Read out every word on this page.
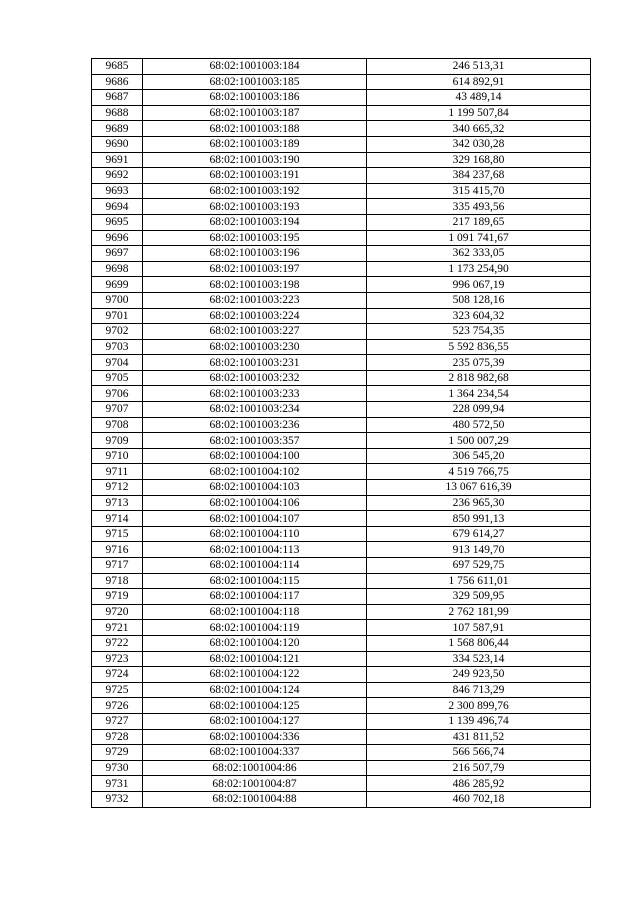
9685	68:02:1001003:184	246 513,31
9686	68:02:1001003:185	614 892,91
9687	68:02:1001003:186	43 489,14
9688	68:02:1001003:187	1 199 507,84
9689	68:02:1001003:188	340 665,32
9690	68:02:1001003:189	342 030,28
9691	68:02:1001003:190	329 168,80
9692	68:02:1001003:191	384 237,68
9693	68:02:1001003:192	315 415,70
9694	68:02:1001003:193	335 493,56
9695	68:02:1001003:194	217 189,65
9696	68:02:1001003:195	1 091 741,67
9697	68:02:1001003:196	362 333,05
9698	68:02:1001003:197	1 173 254,90
9699	68:02:1001003:198	996 067,19
9700	68:02:1001003:223	508 128,16
9701	68:02:1001003:224	323 604,32
9702	68:02:1001003:227	523 754,35
9703	68:02:1001003:230	5 592 836,55
9704	68:02:1001003:231	235 075,39
9705	68:02:1001003:232	2 818 982,68
9706	68:02:1001003:233	1 364 234,54
9707	68:02:1001003:234	228 099,94
9708	68:02:1001003:236	480 572,50
9709	68:02:1001003:357	1 500 007,29
9710	68:02:1001004:100	306 545,20
9711	68:02:1001004:102	4 519 766,75
9712	68:02:1001004:103	13 067 616,39
9713	68:02:1001004:106	236 965,30
9714	68:02:1001004:107	850 991,13
9715	68:02:1001004:110	679 614,27
9716	68:02:1001004:113	913 149,70
9717	68:02:1001004:114	697 529,75
9718	68:02:1001004:115	1 756 611,01
9719	68:02:1001004:117	329 509,95
9720	68:02:1001004:118	2 762 181,99
9721	68:02:1001004:119	107 587,91
9722	68:02:1001004:120	1 568 806,44
9723	68:02:1001004:121	334 523,14
9724	68:02:1001004:122	249 923,50
9725	68:02:1001004:124	846 713,29
9726	68:02:1001004:125	2 300 899,76
9727	68:02:1001004:127	1 139 496,74
9728	68:02:1001004:336	431 811,52
9729	68:02:1001004:337	566 566,74
9730	68:02:1001004:86	216 507,79
9731	68:02:1001004:87	486 285,92
9732	68:02:1001004:88	460 702,18
